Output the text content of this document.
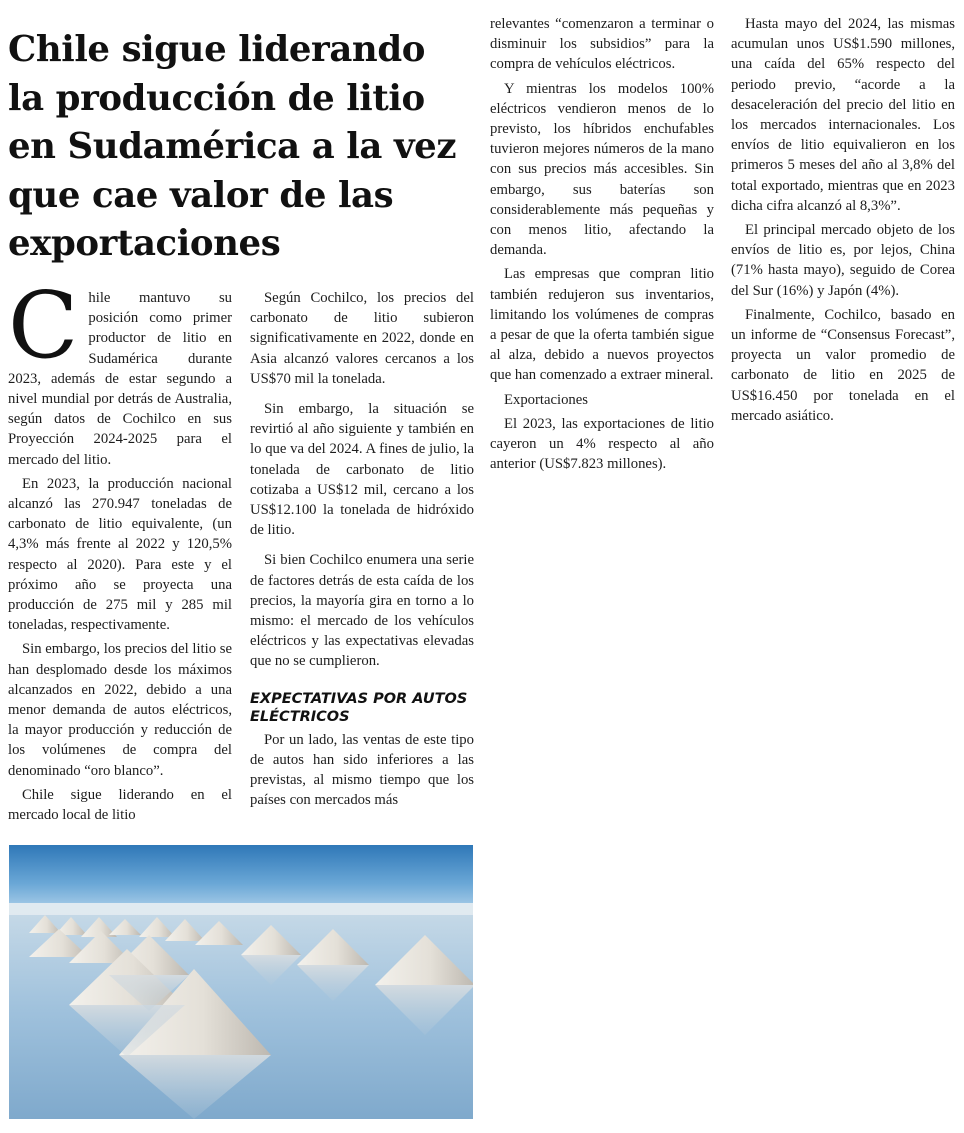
Chile sigue liderando la producción de litio en Sudamérica a la vez que cae valor de las exportaciones

Chile mantuvo su posición como primer productor de litio en Sudamérica durante 2023, además de estar segundo a nivel mundial por detrás de Australia, según datos de Cochilco en sus Proyección 2024-2025 para el mercado del litio.

En 2023, la producción nacional alcanzó las 270.947 toneladas de carbonato de litio equivalente, (un 4,3% más frente al 2022 y 120,5% respecto al 2020). Para este y el próximo año se proyecta una producción de 275 mil y 285 mil toneladas, respectivamente.

Sin embargo, los precios del litio se han desplomado desde los máximos alcanzados en 2022, debido a una menor demanda de autos eléctricos, la mayor producción y reducción de los volúmenes de compra del denominado “oro blanco”.

Chile sigue liderando en el mercado local de litio

Según Cochilco, los precios del carbonato de litio subieron significativamente en 2022, donde en Asia alcanzó valores cercanos a los US$70 mil la tonelada.

Sin embargo, la situación se revirtió al año siguiente y también en lo que va del 2024. A fines de julio, la tonelada de carbonato de litio cotizaba a US$12 mil, cercano a los US$12.100 la tonelada de hidróxido de litio.

Si bien Cochilco enumera una serie de factores detrás de esta caída de los precios, la mayoría gira en torno a lo mismo: el mercado de los vehículos eléctricos y las expectativas elevadas que no se cumplieron.

EXPECTATIVAS POR AUTOS ELÉCTRICOS

Por un lado, las ventas de este tipo de autos han sido inferiores a las previstas, al mismo tiempo que los países con mercados más

relevantes “comenzaron a terminar o disminuir los subsidios” para la compra de vehículos eléctricos.

Y mientras los modelos 100% eléctricos vendieron menos de lo previsto, los híbridos enchufables tuvieron mejores números de la mano con sus precios más accesibles. Sin embargo, sus baterías son considerablemente más pequeñas y con menos litio, afectando la demanda.

Las empresas que compran litio también redujeron sus inventarios, limitando los volúmenes de compras a pesar de que la oferta también sigue al alza, debido a nuevos proyectos que han comenzado a extraer mineral.

Exportaciones

El 2023, las exportaciones de litio cayeron un 4% respecto al año anterior (US$7.823 millones).

Hasta mayo del 2024, las mismas acumulan unos US$1.590 millones, una caída del 65% respecto del periodo previo, “acorde a la desaceleración del precio del litio en los mercados internacionales. Los envíos de litio equivalieron en los primeros 5 meses del año al 3,8% del total exportado, mientras que en 2023 dicha cifra alcanzó al 8,3%”.

El principal mercado objeto de los envíos de litio es, por lejos, China (71% hasta mayo), seguido de Corea del Sur (16%) y Japón (4%).

Finalmente, Cochilco, basado en un informe de “Consensus Forecast”, proyecta un valor promedio de carbonato de litio en 2025 de US$16.450 por tonelada en el mercado asiático.
